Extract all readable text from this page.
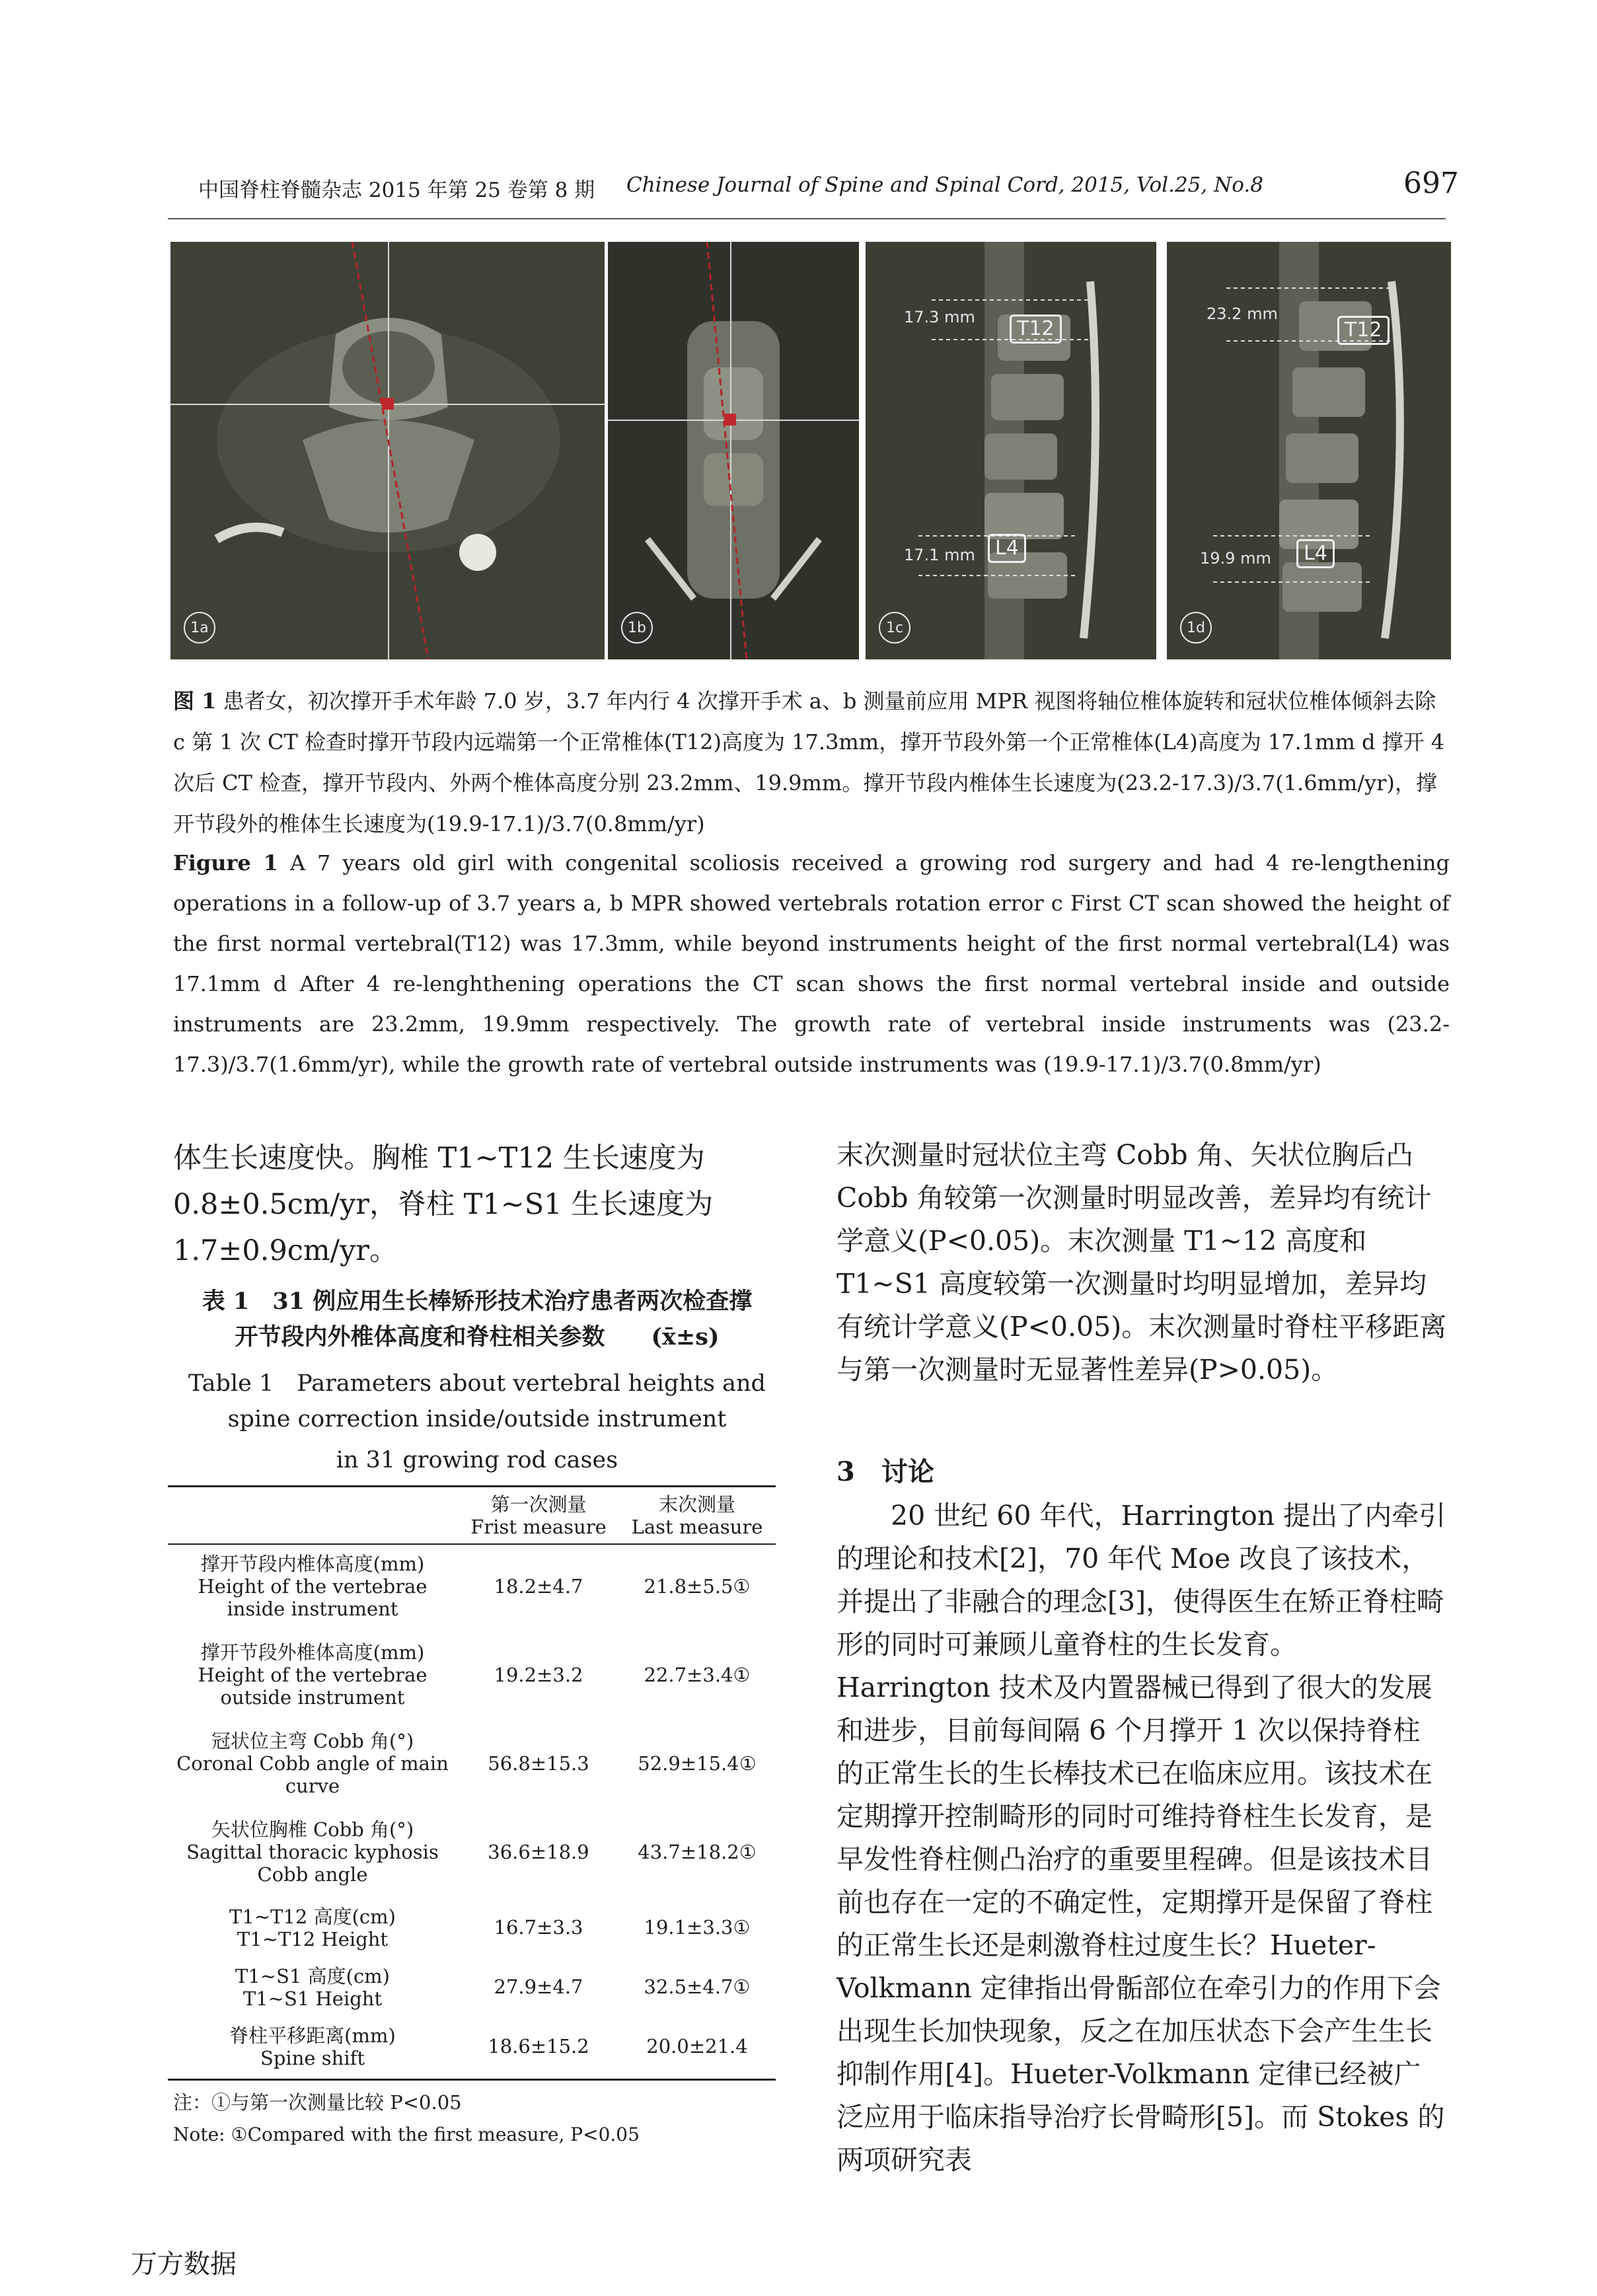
中国脊柱脊髓杂志 2015 年第 25 卷第 8 期 Chinese Journal of Spine and Spinal Cord, 2015, Vol.25, No.8	697
1a	1b
17.3 mm	T12
17.1 mm	L4
1c
23.2 mm
T12
19.9 mm	L4
1d
图 1 患者女，初次撑开手术年龄 7.0 岁，3.7 年内行 4 次撑开手术 a、b 测量前应用 MPR 视图将轴位椎体旋转和冠状位椎体倾斜去除 c 第 1 次 CT 检查时撑开节段内远端第一个正常椎体(T12)高度为 17.3mm，撑开节段外第一个正常椎体(L4)高度为 17.1mm d 撑开 4 次后 CT 检查，撑开节段内、外两个椎体高度分别 23.2mm、19.9mm。撑开节段内椎体生长速度为(23.2-17.3)/3.7(1.6mm/yr)，撑开节段外的椎体生长速度为(19.9-17.1)/3.7(0.8mm/yr)
Figure 1 A 7 years old girl with congenital scoliosis received a growing rod surgery and had 4 re-lengthening operations in a follow-up of 3.7 years a, b MPR showed vertebrals rotation error c First CT scan showed the height of the first normal vertebral(T12) was 17.3mm, while beyond instruments height of the first normal vertebral(L4) was 17.1mm d After 4 re-lenghthening operations the CT scan shows the first normal vertebral inside and outside instruments are 23.2mm, 19.9mm respectively. The growth rate of vertebral inside instruments was (23.2-17.3)/3.7(1.6mm/yr), while the growth rate of vertebral outside instruments was (19.9-17.1)/3.7(0.8mm/yr)
体生长速度快。胸椎 T1~T12 生长速度为 0.8±0.5cm/yr，脊柱 T1~S1 生长速度为 1.7±0.9cm/yr。
表 1　31 例应用生长棒矫形技术治疗患者两次检查撑
开节段内外椎体高度和脊柱相关参数　　(x̄±s)
Table 1　Parameters about vertebral heights and
spine correction inside/outside instrument
in 31 growing rod cases
第一次测量
Frist measure
末次测量
Last measure
撑开节段内椎体高度(mm)
Height of the vertebrae
inside instrument
18.2±4.7	21.8±5.5①
撑开节段外椎体高度(mm)
Height of the vertebrae
outside instrument
19.2±3.2	22.7±3.4①
冠状位主弯 Cobb 角(°)
Coronal Cobb angle of main
curve
56.8±15.3	52.9±15.4①
矢状位胸椎 Cobb 角(°)
Sagittal thoracic kyphosis
Cobb angle
36.6±18.9	43.7±18.2①
T1~T12 高度(cm)
T1~T12 Height
16.7±3.3	19.1±3.3①
T1~S1 高度(cm)
T1~S1 Height
27.9±4.7	32.5±4.7①
脊柱平移距离(mm)
Spine shift
18.6±15.2	20.0±21.4
注：①与第一次测量比较 P<0.05
Note: ①Compared with the first measure, P<0.05
末次测量时冠状位主弯 Cobb 角、矢状位胸后凸 Cobb 角较第一次测量时明显改善，差异均有统计学意义(P<0.05)。末次测量 T1~12 高度和 T1~S1 高度较第一次测量时均明显增加，差异均有统计学意义(P<0.05)。末次测量时脊柱平移距离与第一次测量时无显著性差异(P>0.05)。
3　讨论
20 世纪 60 年代，Harrington 提出了内牵引的理论和技术[2]，70 年代 Moe 改良了该技术，并提出了非融合的理念[3]，使得医生在矫正脊柱畸形的同时可兼顾儿童脊柱的生长发育。Harrington 技术及内置器械已得到了很大的发展和进步，目前每间隔 6 个月撑开 1 次以保持脊柱的正常生长的生长棒技术已在临床应用。该技术在定期撑开控制畸形的同时可维持脊柱生长发育，是早发性脊柱侧凸治疗的重要里程碑。但是该技术目前也存在一定的不确定性，定期撑开是保留了脊柱的正常生长还是刺激脊柱过度生长？Hueter-Volkmann 定律指出骨骺部位在牵引力的作用下会出现生长加快现象，反之在加压状态下会产生生长抑制作用[4]。Hueter-Volkmann 定律已经被广泛应用于临床指导治疗长骨畸形[5]。而 Stokes 的两项研究表
万方数据
